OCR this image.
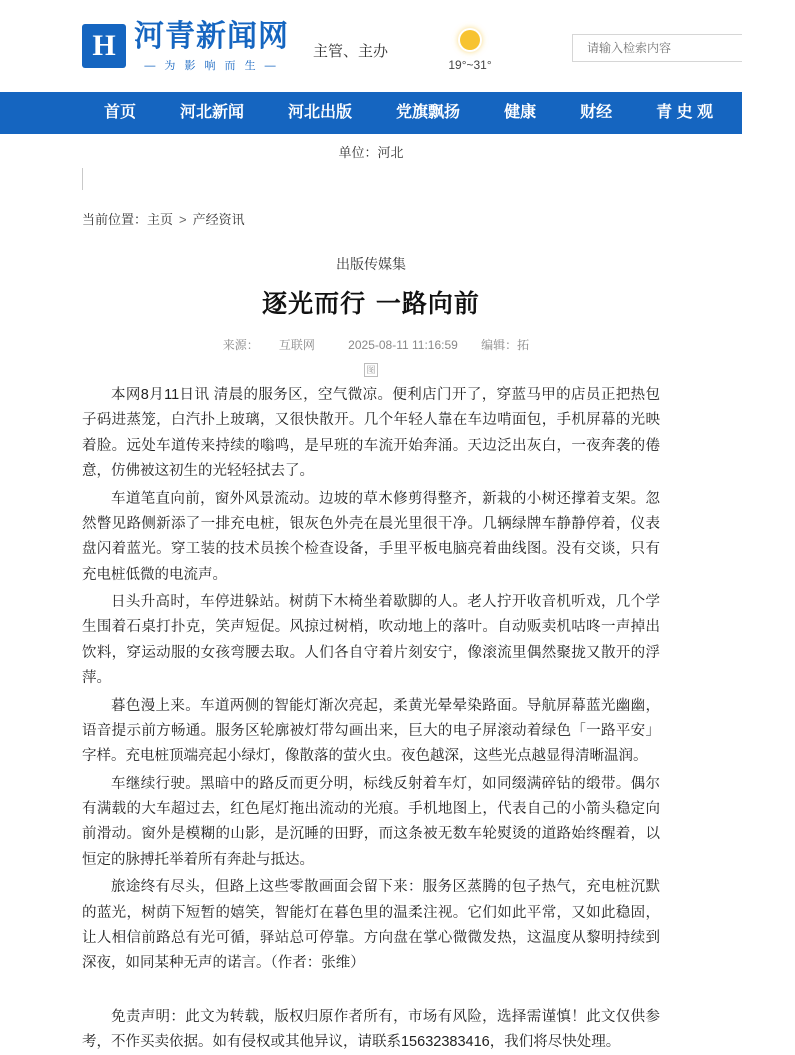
H 河青新闻网
— 为 影 响 而 生 —
主管、主办
19°~31°
请输入检索内容
首页	河北新闻	河北出版	党旗飘扬	健康	财经	青 史 观	河
单位：河北
当前位置：主页 > 产经资讯
出版传媒集
逐光而行 一路向前
来源： 互联网	2025-08-11 11:16:59 编辑：拓
图

本网8月11日讯 清晨的服务区，空气微凉。便利店门开了，穿蓝马甲的店员正把热包子码进蒸笼，白汽扑上玻璃，又很快散开。几个年轻人靠在车边啃面包，手机屏幕的光映着脸。远处车道传来持续的嗡鸣，是早班的车流开始奔涌。天边泛出灰白，一夜奔袭的倦意，仿佛被这初生的光轻轻拭去了。

车道笔直向前，窗外风景流动。边坡的草木修剪得整齐，新栽的小树还撑着支架。忽然瞥见路侧新添了一排充电桩，银灰色外壳在晨光里很干净。几辆绿牌车静静停着，仪表盘闪着蓝光。穿工装的技术员挨个检查设备，手里平板电脑亮着曲线图。没有交谈，只有充电桩低微的电流声。

日头升高时，车停进躲站。树荫下木椅坐着歇脚的人。老人拧开收音机听戏，几个学生围着石桌打扑克，笑声短促。风掠过树梢，吹动地上的落叶。自动贩卖机咕咚一声掉出饮料，穿运动服的女孩弯腰去取。人们各自守着片刻安宁，像滚流里偶然聚拢又散开的浮萍。

暮色漫上来。车道两侧的智能灯渐次亮起，柔黄光晕晕染路面。导航屏幕蓝光幽幽，语音提示前方畅通。服务区轮廓被灯带勾画出来，巨大的电子屏滚动着绿色「一路平安」字样。充电桩顶端亮起小绿灯，像散落的萤火虫。夜色越深，这些光点越显得清晰温润。

车继续行驶。黑暗中的路反而更分明，标线反射着车灯，如同缀满碎钻的缎带。偶尔有满载的大车超过去，红色尾灯拖出流动的光痕。手机地图上，代表自己的小箭头稳定向前滑动。窗外是模糊的山影，是沉睡的田野，而这条被无数车轮熨烫的道路始终醒着，以恒定的脉搏托举着所有奔赴与抵达。

旅途终有尽头，但路上这些零散画面会留下来：服务区蒸腾的包子热气，充电桩沉默的蓝光，树荫下短暂的嬉笑，智能灯在暮色里的温柔注视。它们如此平常，又如此稳固，让人相信前路总有光可循，驿站总可停靠。方向盘在掌心微微发热，这温度从黎明持续到深夜，如同某种无声的诺言。（作者：张维）

免责声明：此文为转载，版权归原作者所有，市场有风险，选择需谨慎！此文仅供参考，不作买卖依据。如有侵权或其他异议，请联系15632383416，我们将尽快处理。
